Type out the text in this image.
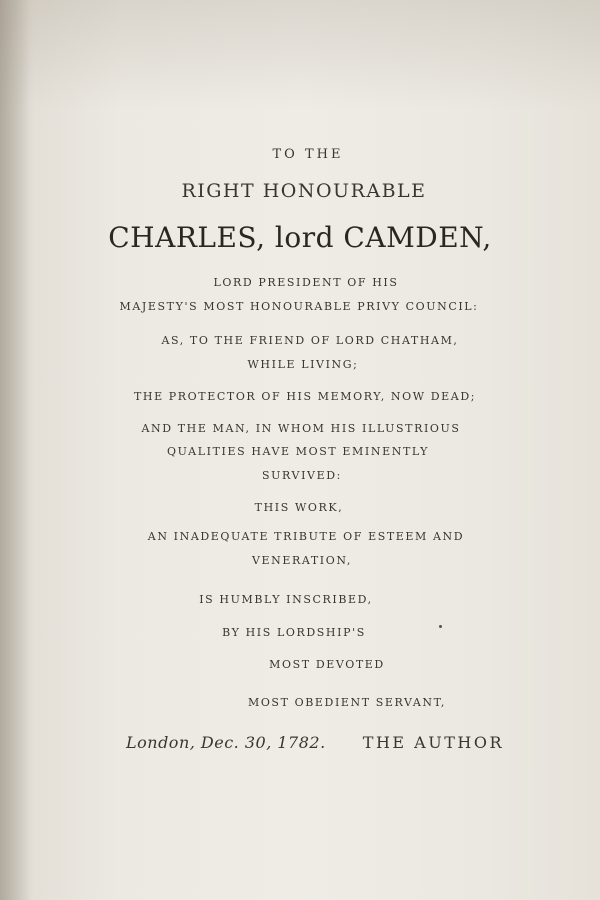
TO THE
RIGHT HONOURABLE
CHARLES, lord CAMDEN,
LORD PRESIDENT OF HIS
MAJESTY'S MOST HONOURABLE PRIVY COUNCIL:
AS, TO THE FRIEND OF LORD CHATHAM,
WHILE LIVING;
THE PROTECTOR OF HIS MEMORY, NOW DEAD;
AND THE MAN, IN WHOM HIS ILLUSTRIOUS
QUALITIES HAVE MOST EMINENTLY
SURVIVED:
THIS WORK,
AN INADEQUATE TRIBUTE OF ESTEEM AND
VENERATION,
IS HUMBLY INSCRIBED,
BY HIS LORDSHIP'S
MOST DEVOTED
MOST OBEDIENT SERVANT,
London, Dec. 30, 1782. THE AUTHOR
